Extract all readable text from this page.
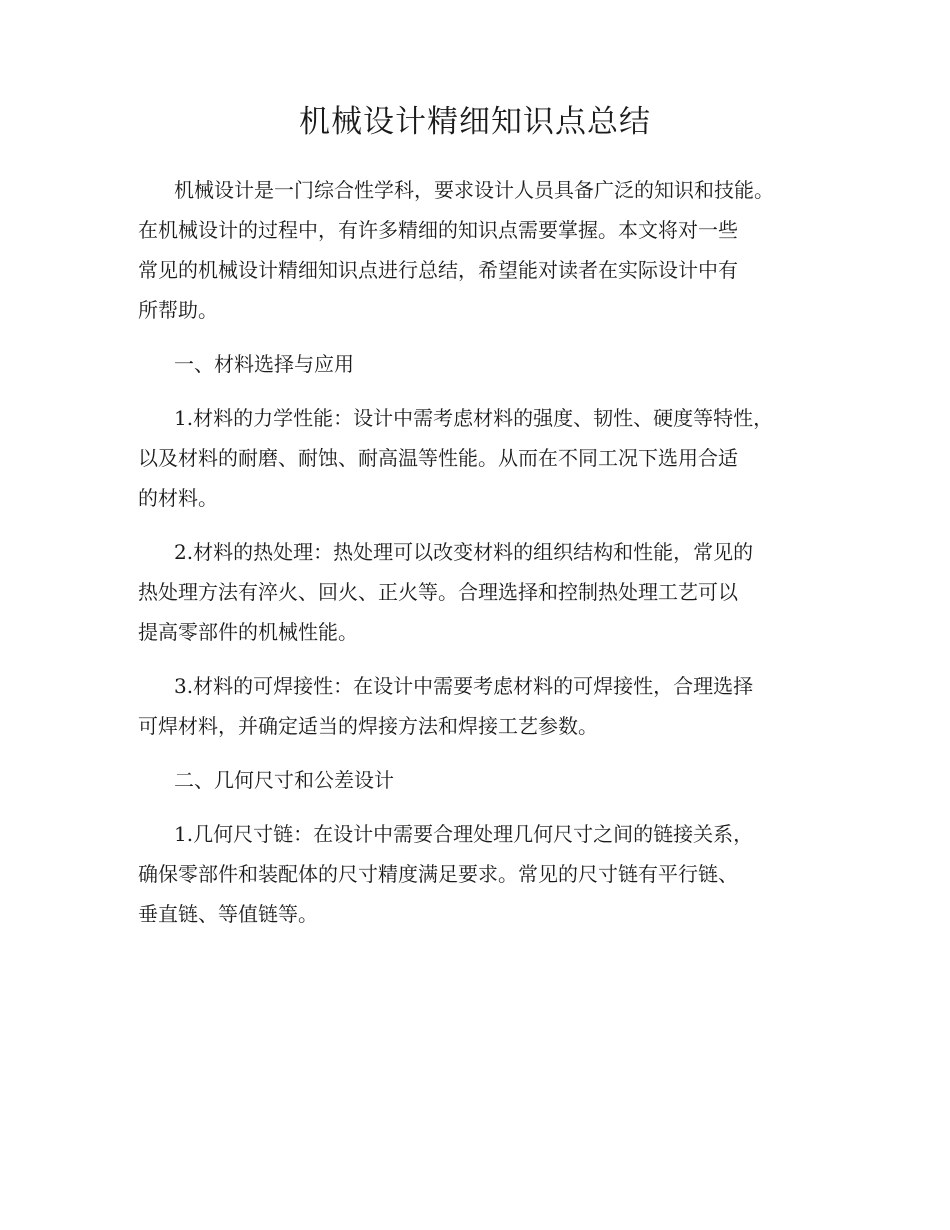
机械设计精细知识点总结

机械设计是一门综合性学科，要求设计人员具备广泛的知识和技能。
在机械设计的过程中，有许多精细的知识点需要掌握。本文将对一些
常见的机械设计精细知识点进行总结，希望能对读者在实际设计中有
所帮助。

一、材料选择与应用

1.材料的力学性能：设计中需考虑材料的强度、韧性、硬度等特性，
以及材料的耐磨、耐蚀、耐高温等性能。从而在不同工况下选用合适
的材料。

2.材料的热处理：热处理可以改变材料的组织结构和性能，常见的
热处理方法有淬火、回火、正火等。合理选择和控制热处理工艺可以
提高零部件的机械性能。

3.材料的可焊接性：在设计中需要考虑材料的可焊接性，合理选择
可焊材料，并确定适当的焊接方法和焊接工艺参数。

二、几何尺寸和公差设计

1.几何尺寸链：在设计中需要合理处理几何尺寸之间的链接关系，
确保零部件和装配体的尺寸精度满足要求。常见的尺寸链有平行链、
垂直链、等值链等。
